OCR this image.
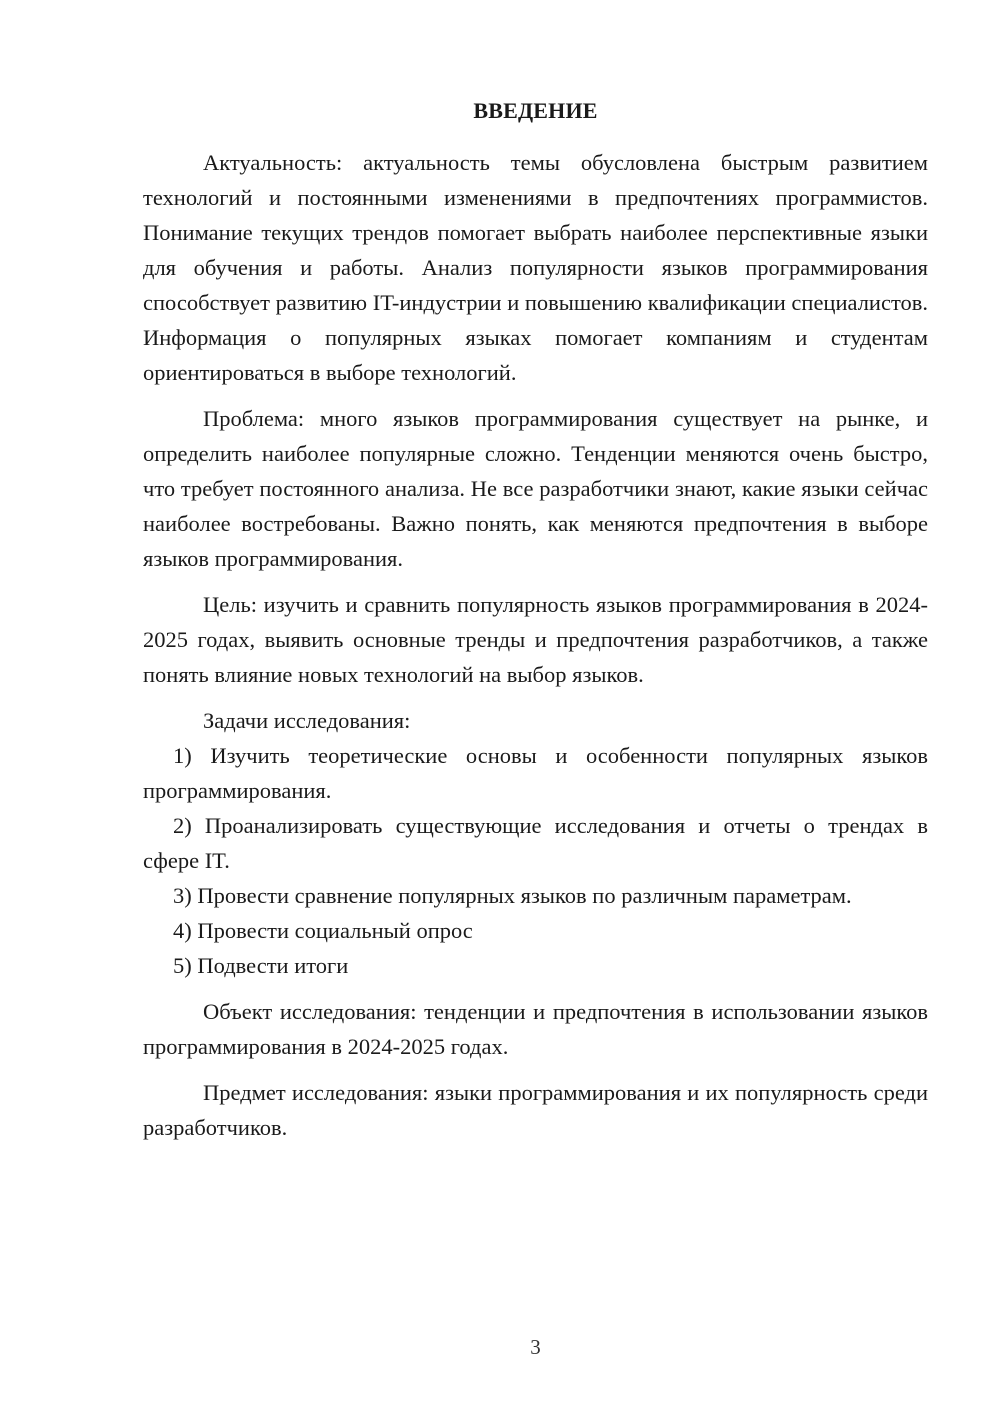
ВВЕДЕНИЕ

Актуальность: актуальность темы обусловлена быстрым развитием технологий и постоянными изменениями в предпочтениях программистов. Понимание текущих трендов помогает выбрать наиболее перспективные языки для обучения и работы. Анализ популярности языков программирования способствует развитию IT-индустрии и повышению квалификации специалистов. Информация о популярных языках помогает компаниям и студентам ориентироваться в выборе технологий.

Проблема: много языков программирования существует на рынке, и определить наиболее популярные сложно. Тенденции меняются очень быстро, что требует постоянного анализа. Не все разработчики знают, какие языки сейчас наиболее востребованы. Важно понять, как меняются предпочтения в выборе языков программирования.

Цель: изучить и сравнить популярность языков программирования в 2024-2025 годах, выявить основные тренды и предпочтения разработчиков, а также понять влияние новых технологий на выбор языков.

Задачи исследования:

1) Изучить теоретические основы и особенности популярных языков программирования.

2) Проанализировать существующие исследования и отчеты о трендах в сфере IT.

3) Провести сравнение популярных языков по различным параметрам.

4) Провести социальный опрос

5) Подвести итоги

Объект исследования: тенденции и предпочтения в использовании языков программирования в 2024-2025 годах.

Предмет исследования: языки программирования и их популярность среди разработчиков.

3
